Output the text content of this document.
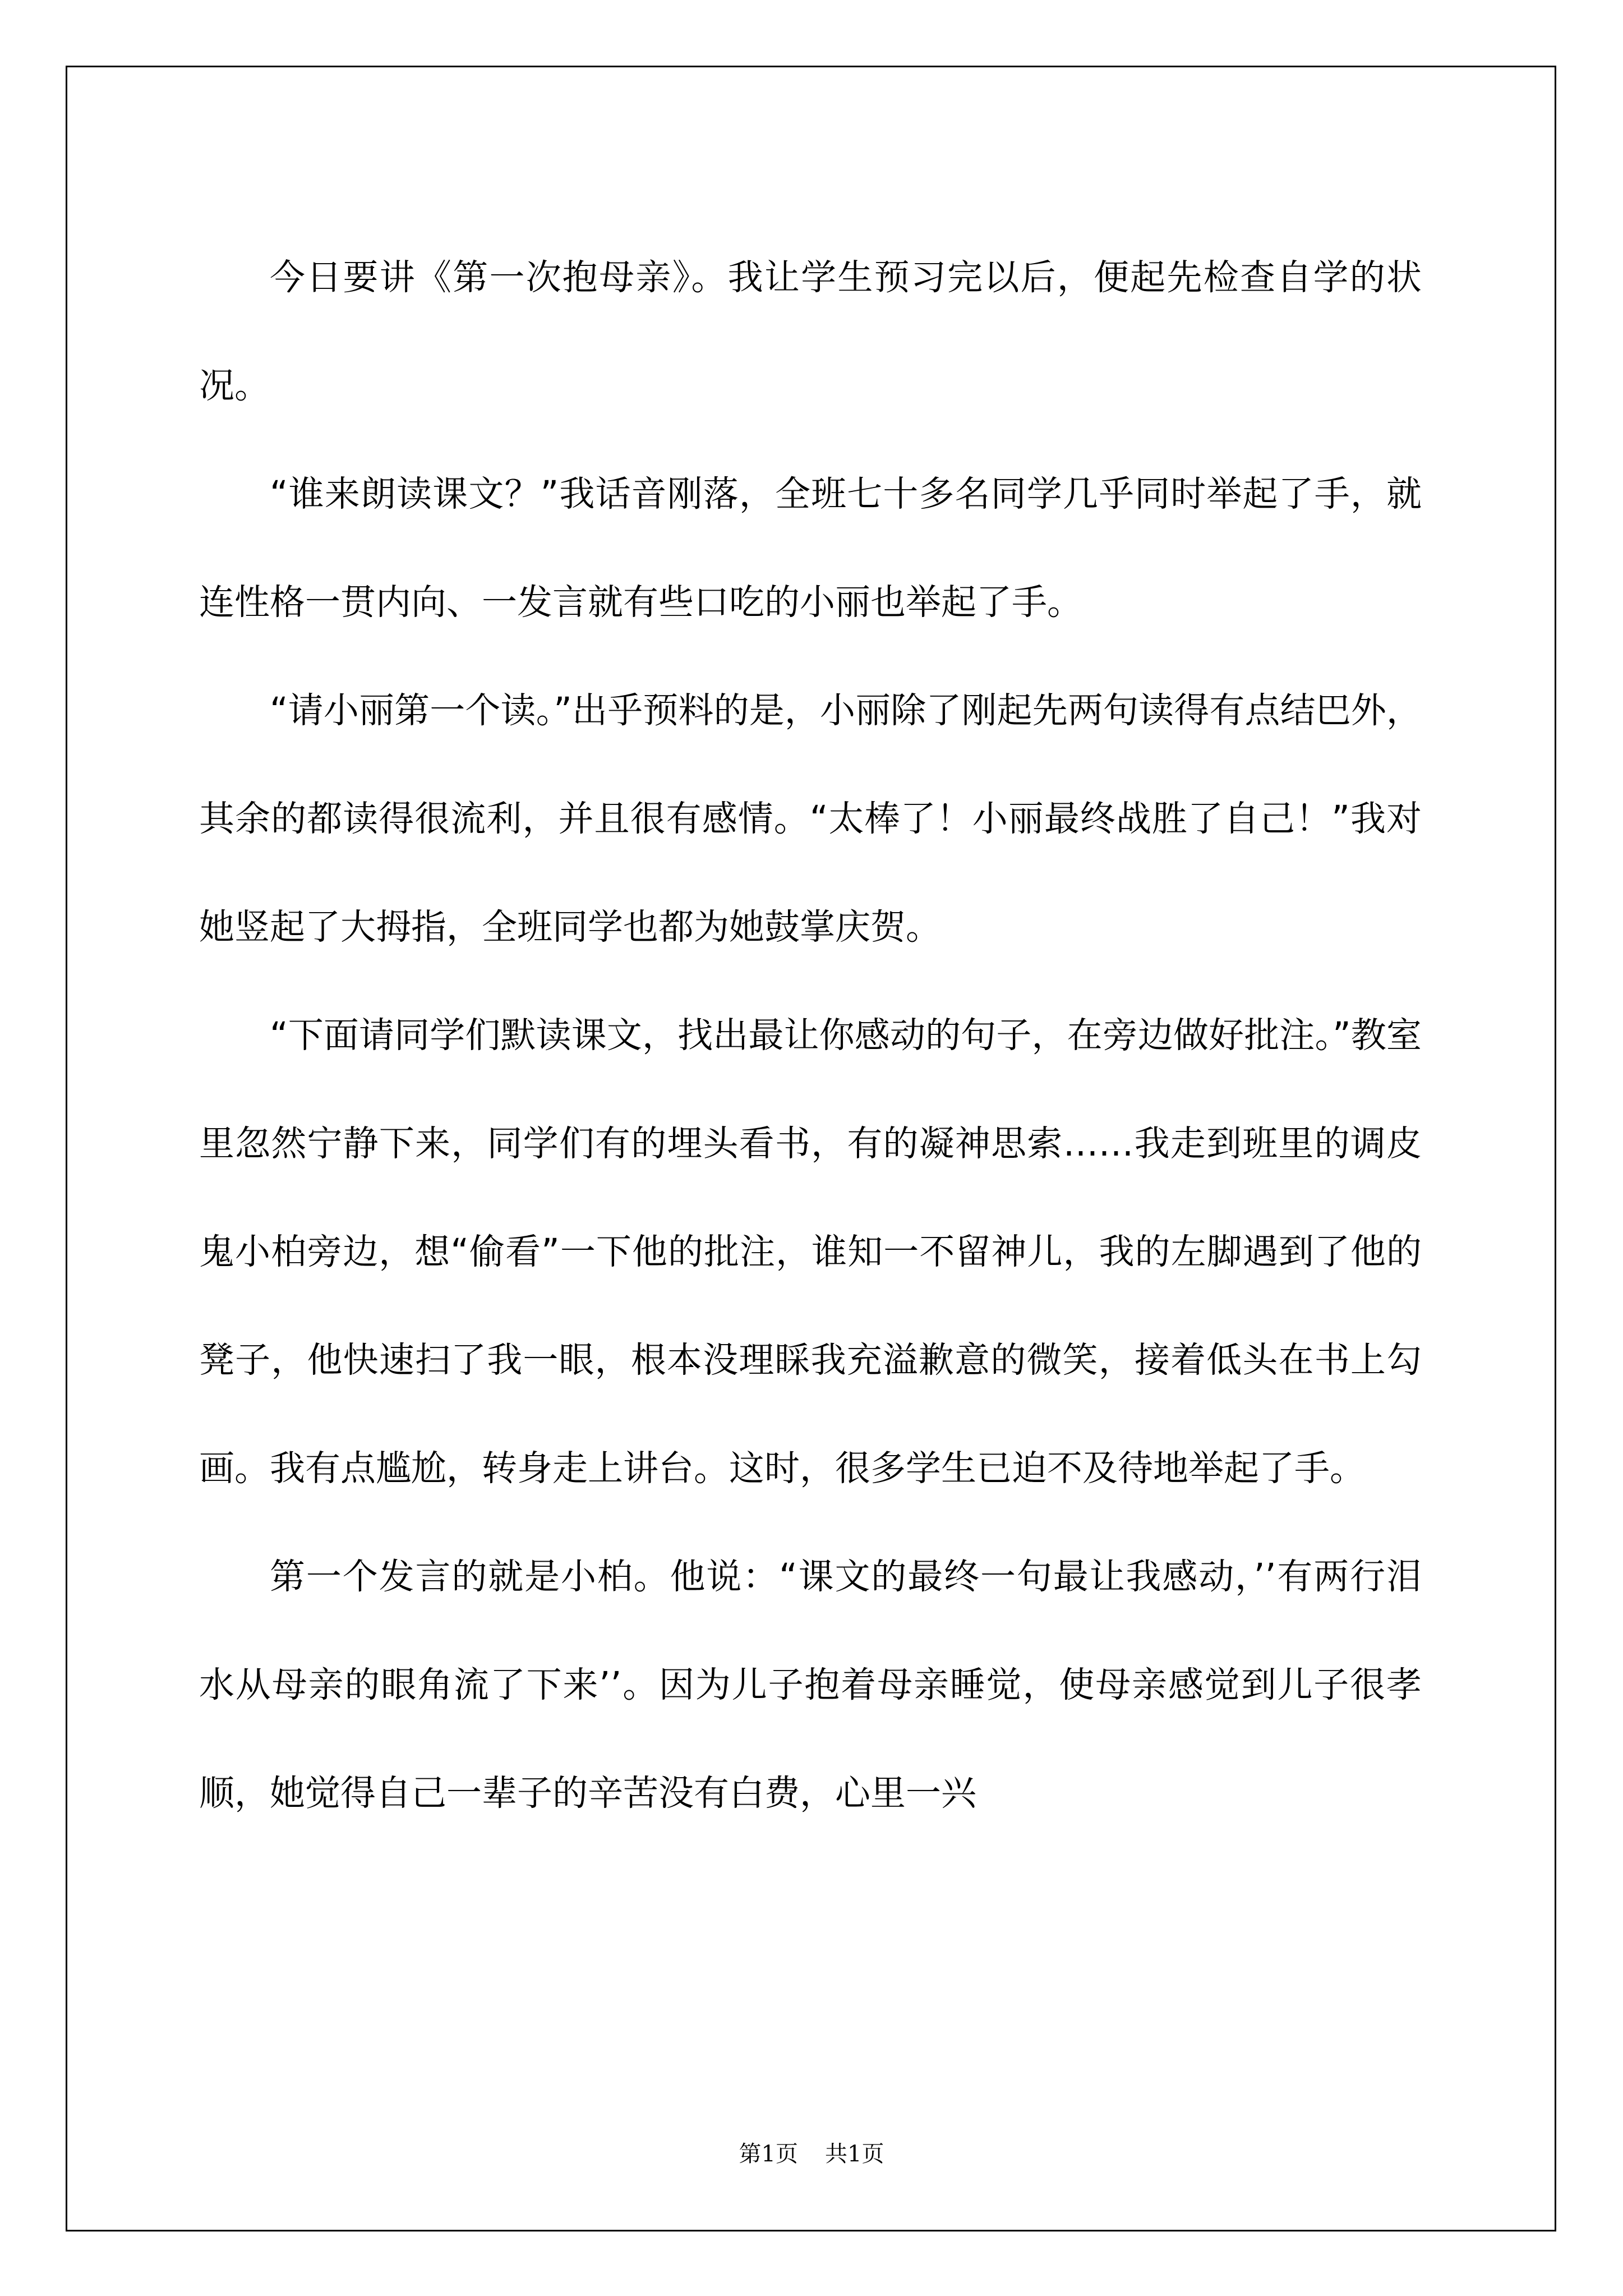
今日要讲《第一次抱母亲》。我让学生预习完以后，便起先检查自学的状况。

“谁来朗读课文？”我话音刚落，全班七十多名同学几乎同时举起了手，就连性格一贯内向、一发言就有些口吃的小丽也举起了手。

“请小丽第一个读。”出乎预料的是，小丽除了刚起先两句读得有点结巴外，其余的都读得很流利，并且很有感情。“太棒了！小丽最终战胜了自己！”我对她竖起了大拇指，全班同学也都为她鼓掌庆贺。

“下面请同学们默读课文，找出最让你感动的句子，在旁边做好批注。”教室里忽然宁静下来，同学们有的埋头看书，有的凝神思索……我走到班里的调皮鬼小柏旁边，想“偷看”一下他的批注，谁知一不留神儿，我的左脚遇到了他的凳子，他快速扫了我一眼，根本没理睬我充溢歉意的微笑，接着低头在书上勾画。我有点尴尬，转身走上讲台。这时，很多学生已迫不及待地举起了手。

第一个发言的就是小柏。他说：“课文的最终一句最让我感动，’’有两行泪水从母亲的眼角流了下来’’。因为儿子抱着母亲睡觉，使母亲感觉到儿子很孝顺，她觉得自己一辈子的辛苦没有白费，心里一兴

第1页 共1页
